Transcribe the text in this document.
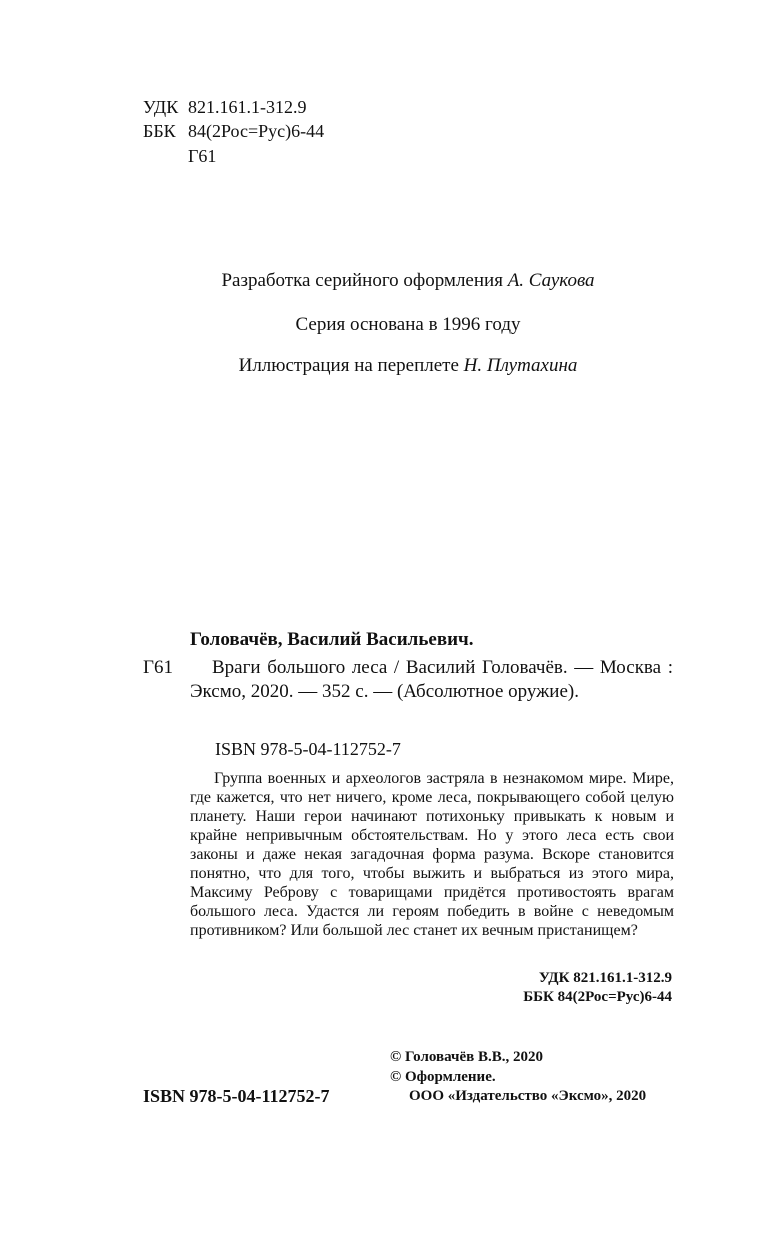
УДК 821.161.1-312.9
ББК 84(2Рос=Рус)6-44
Г61
Разработка серийного оформления А. Саукова
Серия основана в 1996 году
Иллюстрация на переплете Н. Плутахина
Головачёв, Василий Васильевич.
Г61	Враги большого леса / Василий Головачёв. — Москва : Эксмо, 2020. — 352 с. — (Абсолютное оружие).
ISBN 978-5-04-112752-7
Группа военных и археологов застряла в незнакомом мире. Мире, где кажется, что нет ничего, кроме леса, покрывающего собой целую планету. Наши герои начинают потихоньку привыкать к новым и крайне непривычным обстоятельствам. Но у этого леса есть свои законы и даже некая загадочная форма разума. Вскоре становится понятно, что для того, чтобы выжить и выбраться из этого мира, Максиму Реброву с товарищами придётся противостоять врагам большого леса. Удастся ли героям победить в войне с неведомым противником? Или большой лес станет их вечным пристанищем?
УДК 821.161.1-312.9
ББК 84(2Рос=Рус)6-44
© Головачёв В.В., 2020
© Оформление.
ISBN 978-5-04-112752-7	ООО «Издательство «Эксмо», 2020
